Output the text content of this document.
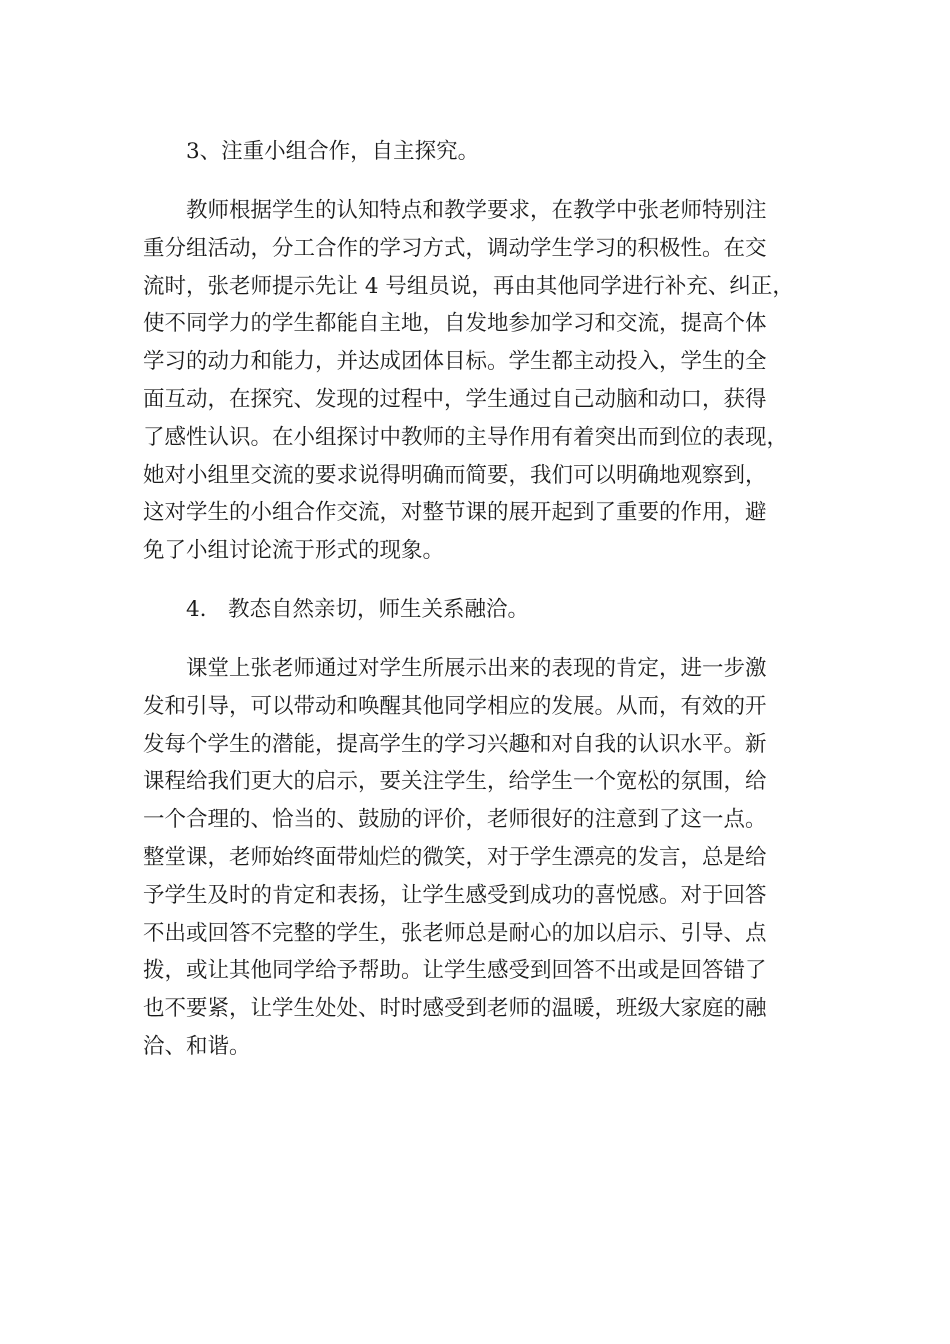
3、注重小组合作，自主探究。
教师根据学生的认知特点和教学要求，在教学中张老师特别注
重分组活动，分工合作的学习方式，调动学生学习的积极性。在交
流时，张老师提示先让 4 号组员说，再由其他同学进行补充、纠正，
使不同学力的学生都能自主地，自发地参加学习和交流，提高个体
学习的动力和能力，并达成团体目标。学生都主动投入，学生的全
面互动，在探究、发现的过程中，学生通过自己动脑和动口，获得
了感性认识。在小组探讨中教师的主导作用有着突出而到位的表现，
她对小组里交流的要求说得明确而简要，我们可以明确地观察到，
这对学生的小组合作交流，对整节课的展开起到了重要的作用，避
免了小组讨论流于形式的现象。
4.　教态自然亲切，师生关系融洽。
课堂上张老师通过对学生所展示出来的表现的肯定，进一步激
发和引导，可以带动和唤醒其他同学相应的发展。从而，有效的开
发每个学生的潜能，提高学生的学习兴趣和对自我的认识水平。新
课程给我们更大的启示，要关注学生，给学生一个宽松的氛围，给
一个合理的、恰当的、鼓励的评价，老师很好的注意到了这一点。
整堂课，老师始终面带灿烂的微笑，对于学生漂亮的发言，总是给
予学生及时的肯定和表扬，让学生感受到成功的喜悦感。对于回答
不出或回答不完整的学生，张老师总是耐心的加以启示、引导、点
拨，或让其他同学给予帮助。让学生感受到回答不出或是回答错了
也不要紧，让学生处处、时时感受到老师的温暖，班级大家庭的融
洽、和谐。
